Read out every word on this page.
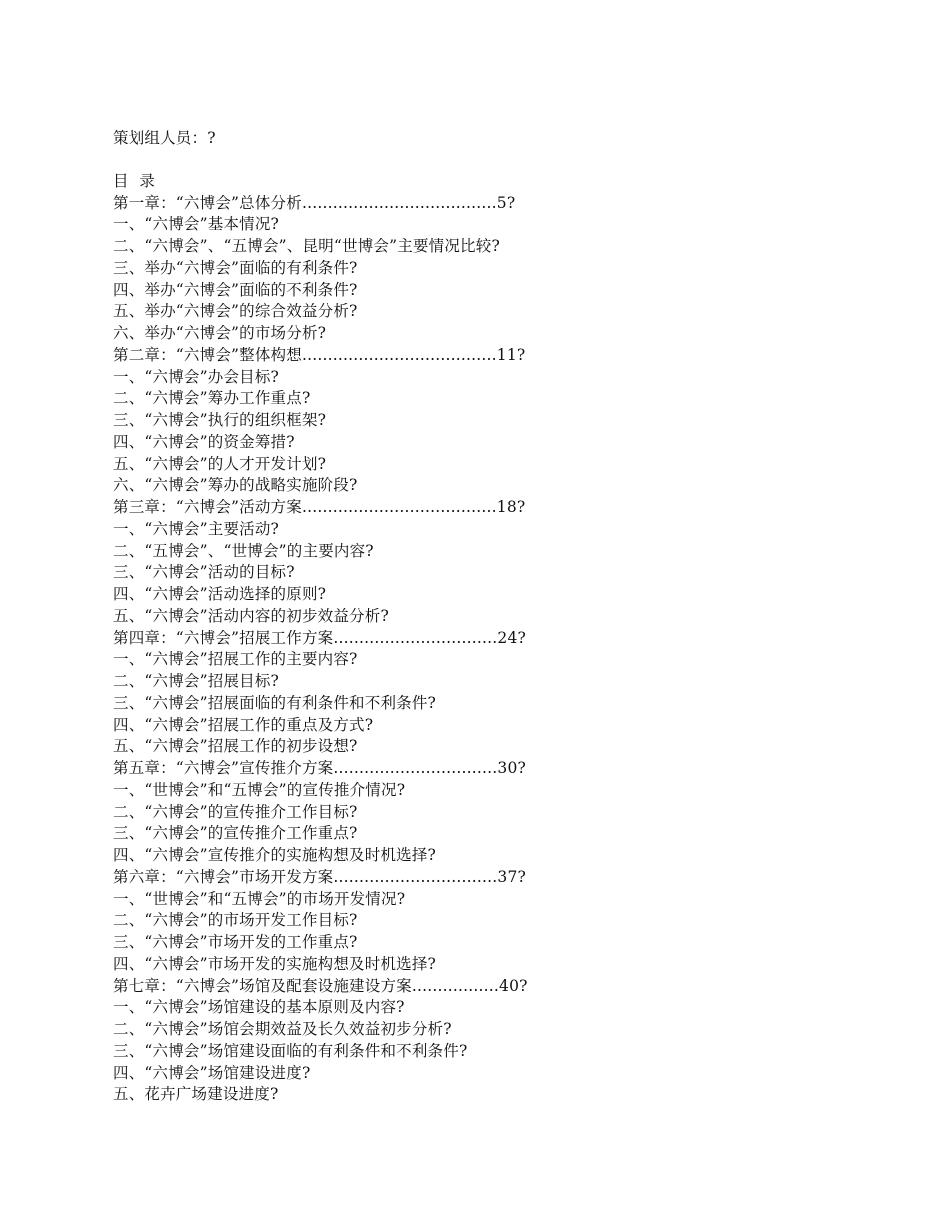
策划组人员：?
目 录
第一章：“六博会”总体分析......................................5?
一、“六博会”基本情况?
二、“六博会”、“五博会”、昆明“世博会”主要情况比较?
三、举办“六博会”面临的有利条件?
四、举办“六博会”面临的不利条件?
五、举办“六博会”的综合效益分析?
六、举办“六博会”的市场分析?
第二章：“六博会”整体构想......................................11?
一、“六博会”办会目标?
二、“六博会”筹办工作重点?
三、“六博会”执行的组织框架?
四、“六博会”的资金筹措?
五、“六博会”的人才开发计划?
六、“六博会”筹办的战略实施阶段?
第三章：“六博会”活动方案......................................18?
一、“六博会”主要活动?
二、“五博会”、“世博会”的主要内容?
三、“六博会”活动的目标?
四、“六博会”活动选择的原则?
五、“六博会”活动内容的初步效益分析?
第四章：“六博会”招展工作方案................................24?
一、“六博会”招展工作的主要内容?
二、“六博会”招展目标?
三、“六博会”招展面临的有利条件和不利条件?
四、“六博会”招展工作的重点及方式?
五、“六博会”招展工作的初步设想?
第五章：“六博会”宣传推介方案................................30?
一、“世博会”和“五博会”的宣传推介情况?
二、“六博会”的宣传推介工作目标?
三、“六博会”的宣传推介工作重点?
四、“六博会”宣传推介的实施构想及时机选择?
第六章：“六博会”市场开发方案................................37?
一、“世博会”和“五博会”的市场开发情况?
二、“六博会”的市场开发工作目标?
三、“六博会”市场开发的工作重点?
四、“六博会”市场开发的实施构想及时机选择?
第七章：“六博会”场馆及配套设施建设方案.................40?
一、“六博会”场馆建设的基本原则及内容?
二、“六博会”场馆会期效益及长久效益初步分析?
三、“六博会”场馆建设面临的有利条件和不利条件?
四、“六博会”场馆建设进度?
五、花卉广场建设进度?
